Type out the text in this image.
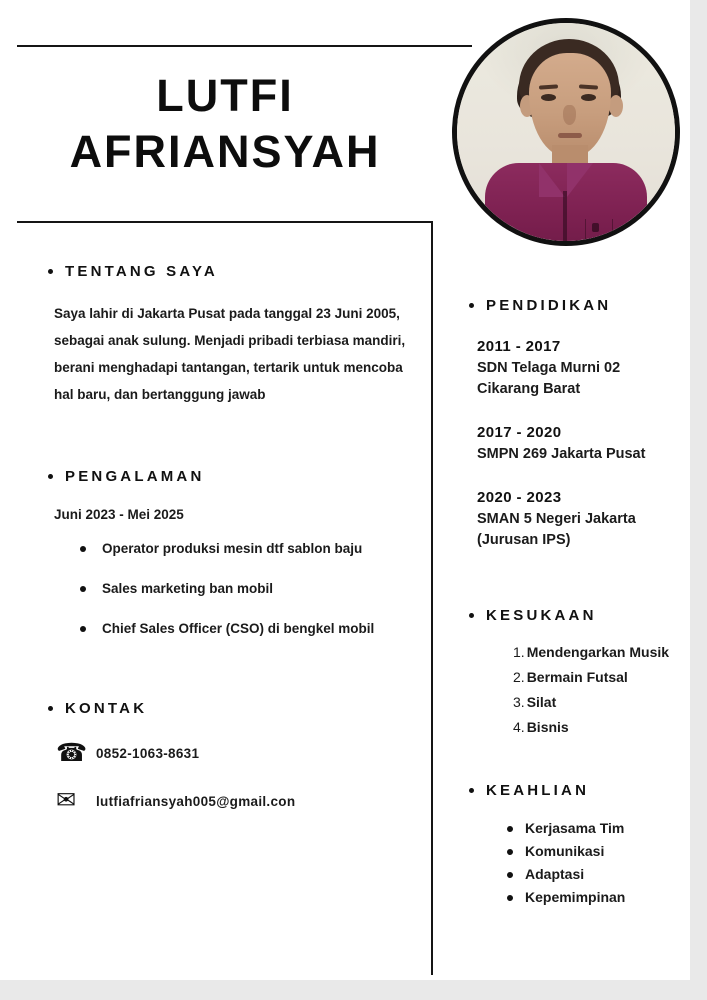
LUTFI
AFRIANSYAH
TENTANG SAYA

Saya lahir di Jakarta Pusat pada tanggal 23 Juni 2005, sebagai anak sulung. Menjadi pribadi terbiasa mandiri, berani menghadapi tantangan, tertarik untuk mencoba hal baru, dan bertanggung jawab

PENGALAMAN
Juni 2023 - Mei 2025
Operator produksi mesin dtf sablon baju
Sales marketing ban mobil
Chief Sales Officer (CSO) di bengkel mobil
KONTAK
☎ 0852-1063-8631
✉	lutfiafriansyah005@gmail.con
PENDIDIKAN
2011 - 2017
SDN Telaga Murni 02
Cikarang Barat
2017 - 2020
SMPN 269 Jakarta Pusat
2020 - 2023
SMAN 5 Negeri Jakarta
(Jurusan IPS)
KESUKAAN
Mendengarkan Musik
Bermain Futsal
Silat
Bisnis
KEAHLIAN
Kerjasama Tim
Komunikasi
Adaptasi
Kepemimpinan
